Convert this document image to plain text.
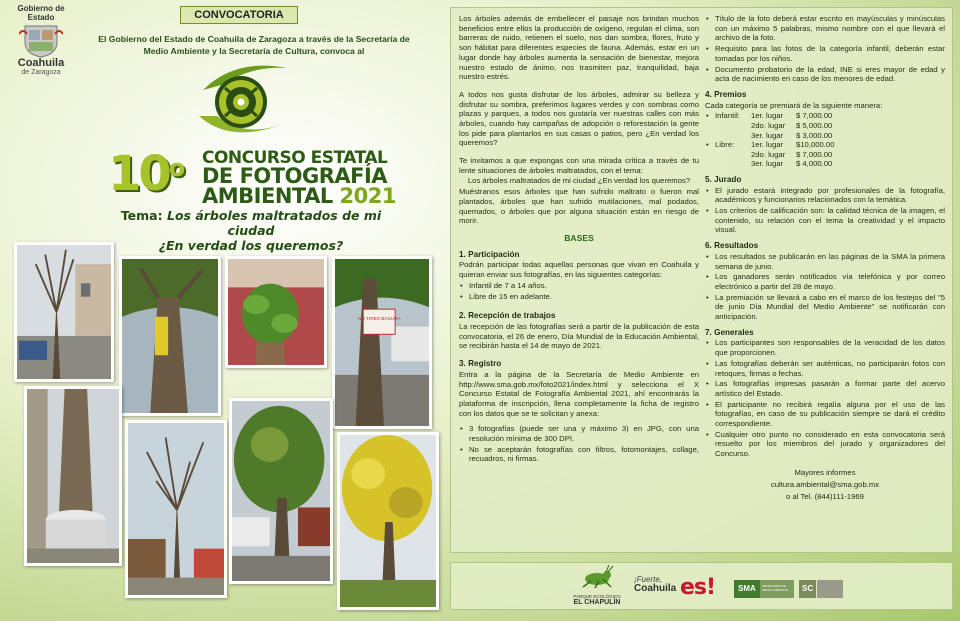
CONVOCATORIA
Gobierno de Estado
Coahuila
de Zaragoza
El Gobierno del Estado de Coahuila de Zaragoza a través de la Secretaría de Medio Ambiente y la Secretaría de Cultura, convoca al
10$^o$ CONCURSO ESTATAL
DE FOTOGRAFÍA
AMBIENTAL 2021
Tema: Los árboles maltratados de mi ciudad
¿En verdad los queremos?
NO TIRES BASURA

Los árboles además de embellecer el paisaje nos brindan muchos beneficios entre ellos la producción de oxígeno, regulan el clima, son barreras de ruido, retienen el suelo, nos dan sombra, flores, fruto y son hábitat para diferentes especies de fauna. Además, estar en un lugar donde hay árboles aumenta la sensación de bienestar, mejora nuestro estado de ánimo, nos trasmiten paz, tranquilidad, baja nuestro estrés.

A todos nos gusta disfrutar de los árboles, admirar su belleza y disfrutar su sombra, preferimos lugares verdes y con sombras como plazas y parques, a todos nos gustaría ver nuestras calles con más árboles, cuando hay campañas de adopción o reforestación la gente los pide para plantarlos en sus casas o patios, pero ¿En verdad los queremos?

Te invitamos a que expongas con una mirada crítica a través de tu lente situaciones de árboles maltratados, con el tema:

Los árboles maltratados de mi ciudad ¿En verdad los queremos?

Muéstranos esos árboles que han sufrido maltrato o fueron mal plantados, árboles que han sufrido mutilaciones, mal podados, quemados, o árboles que por alguna situación están en riesgo de morir.

BASES
1. Participación

Podrán participar todas aquellas personas que vivan en Coahuila y quieran enviar sus fotografías, en las siguientes categorías:

• Infantil de 7 a 14 años.
• Libre de 15 en adelante.
2. Recepción de trabajos

La recepción de las fotografías será a partir de la publicación de esta convocatoria, el 26 de enero, Día Mundial de la Educación Ambiental, se recibirán hasta el 14 de mayo de 2021.

3. Registro

Entra a la página de la Secretaría de Medio Ambiente en http://www.sma.gob.mx/foto2021/index.html y selecciona el X Concurso Estatal de Fotografía Ambiental 2021, ahí encontrarás la plataforma de inscripción, llena completamente la ficha de registro con los datos que se te solicitan y anexa:

• 3 fotografías (puede ser una y máximo 3) en JPG, con una resolución mínima de 300 DPI.
• No se aceptarán fotografías con filtros, fotomontajes, collage, recuadros, ni firmas.
• Título de la foto deberá estar escrito en mayúsculas y minúsculas con un máximo 5 palabras, mismo nombre con el que llevará el archivo de la foto.
• Requisito para las fotos de la categoría infantil, deberán estar tomadas por los niños.
• Documento probatorio de la edad, INE si eres mayor de edad y acta de nacimiento en caso de los menores de edad.
4. Premios

Cada categoría se premiará de la siguiente manera:

• Infantil:	1er. lugar	$ 7,000.00
2do. lugar	$ 5,000.00
3er. lugar	$ 3,000.00
• Libre:	1er. lugar	$10,000.00
2do. lugar	$ 7,000.00
3er. lugar	$ 4,000.00
5. Jurado
• El jurado estará integrado por profesionales de la fotografía, académicos y funcionarios relacionados con la temática.
• Los criterios de calificación son: la calidad técnica de la imagen, el contenido, su relación con el tema la creatividad y el impacto visual.
6. Resultados
• Los resultados se publicarán en las páginas de la SMA la primera semana de junio.
• Los ganadores serán notificados vía telefónica y por correo electrónico a partir del 28 de mayo.
• La premiación se llevará a cabo en el marco de los festejos del "5 de junio Día Mundial del Medio Ambiente" se notificarán con anticipación.
7. Generales
• Los participantes son responsables de la veracidad de los datos que proporcionen.
• Las fotografías deberán ser auténticas, no participarán fotos con retoques, firmas o fechas.
• Las fotografías impresas pasarán a formar parte del acervo artístico del Estado.
• El participante no recibirá regalía alguna por el uso de las fotografías, en caso de su publicación siempre se dará el crédito correspondiente.
• Cualquier otro punto no considerado en esta convocatoria será resuelto por los miembros del jurado y organizadores del Concurso.
Mayores informes
cultura.ambiental@sma.gob.mx
o al Tel. (844)111-1969
PARQUE ECOLÓGICO
EL CHAPULÍN
¡Fuerte,
Coahuila es!	SMA	SECRETARÍA DE MEDIO AMBIENTE	SC
